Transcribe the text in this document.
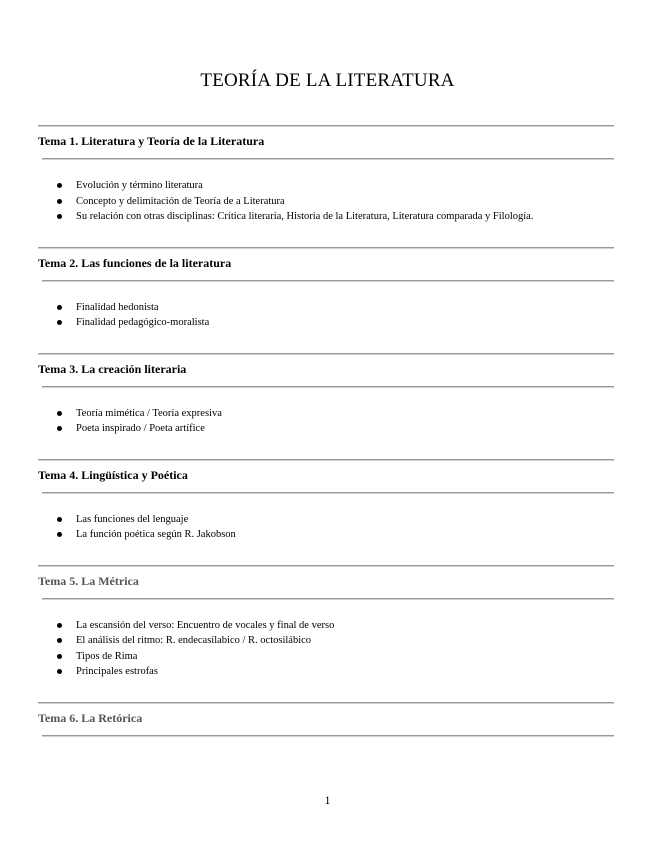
TEORÍA DE LA LITERATURA
Tema 1. Literatura y Teoría de la Literatura
Evolución y término literatura
Concepto y delimitación de Teoría de a Literatura
Su relación con otras disciplinas: Crítica literaria, Historia de la Literatura, Literatura comparada y Filología.
Tema 2. Las funciones de la literatura
Finalidad hedonista
Finalidad pedagógico-moralista
Tema 3. La creación literaria
Teoría mimética / Teoría expresiva
Poeta inspirado / Poeta artífice
Tema 4. Lingüística y Poética
Las funciones del lenguaje
La función poética según R. Jakobson
Tema 5. La Métrica
La escansión del verso: Encuentro de vocales y final de verso
El análisis del ritmo: R. endecasílabico / R. octosilábico
Tipos de Rima
Principales estrofas
Tema 6. La Retórica
1
